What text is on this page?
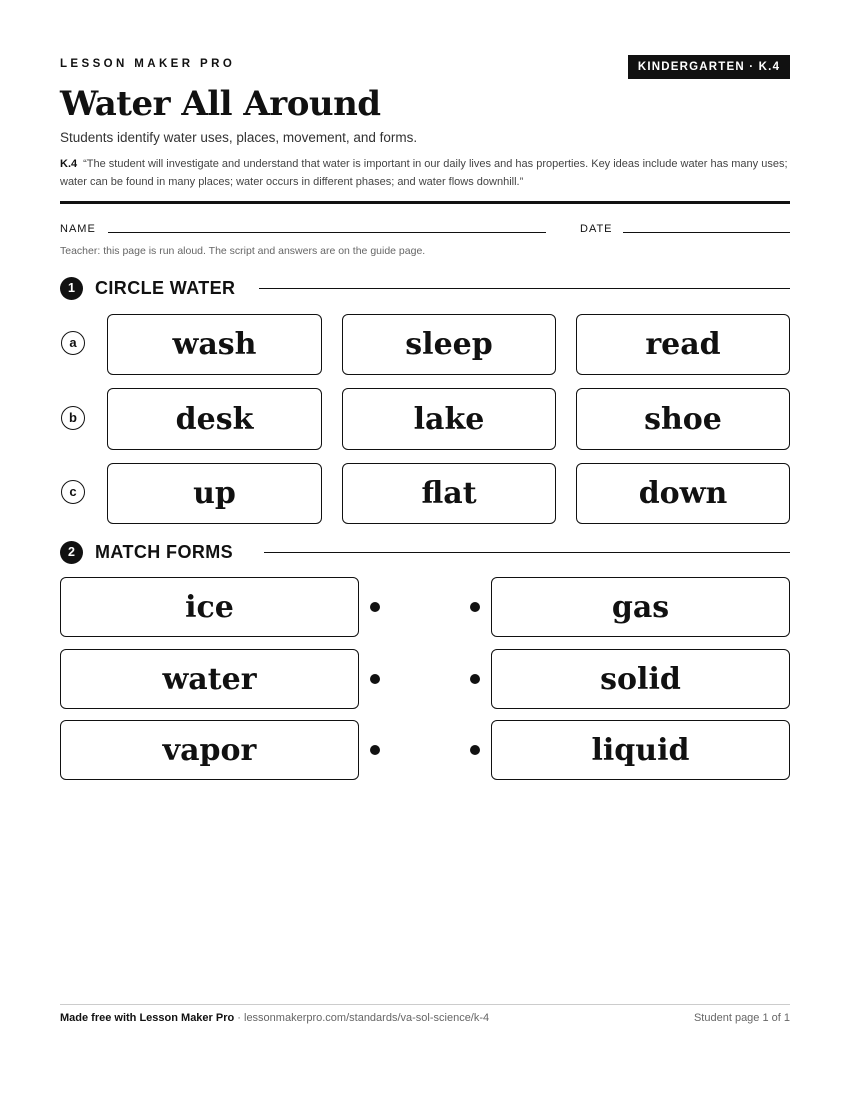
LESSON MAKER PRO	KINDERGARTEN · K.4
Water All Around
Students identify water uses, places, movement, and forms.
K.4 “The student will investigate and understand that water is important in our daily lives and has properties. Key ideas include water has many uses; water can be found in many places; water occurs in different phases; and water flows downhill.”
NAME	DATE
Teacher: this page is run aloud. The script and answers are on the guide page.
1	CIRCLE WATER
a	wash	sleep	read
b	desk	lake	shoe
c	up	flat	down
2	MATCH FORMS
ice	gas
water	solid
vapor	liquid
Made free with Lesson Maker Pro · lessonmakerpro.com/standards/va-sol-science/k-4	Student page 1 of 1
